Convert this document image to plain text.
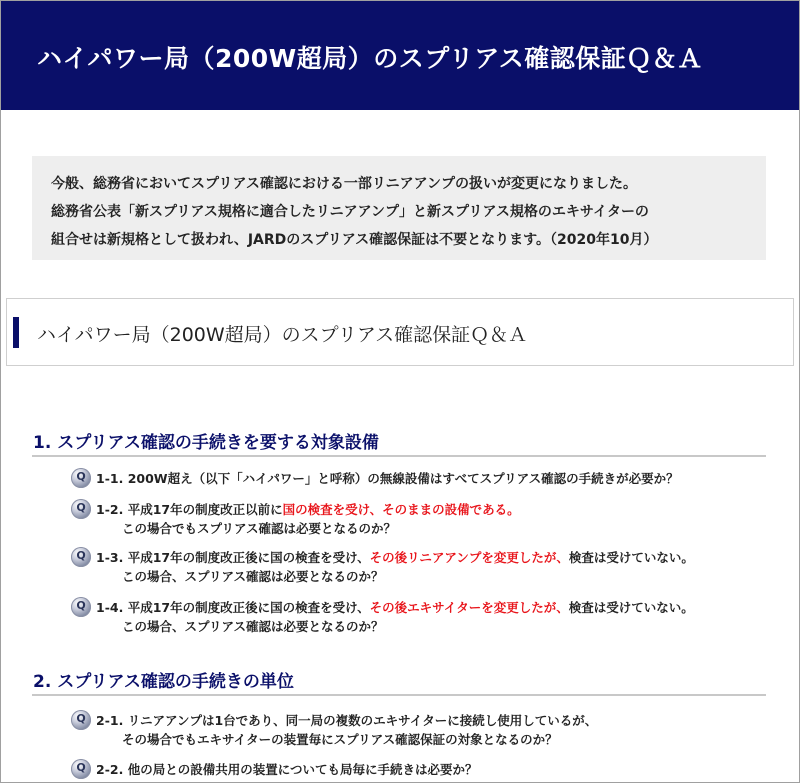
ハイパワー局（200W超局）のスプリアス確認保証Ｑ＆Ａ
今般、総務省においてスプリアス確認における一部リニアアンプの扱いが変更になりました。
総務省公表「新スプリアス規格に適合したリニアアンプ」と新スプリアス規格のエキサイターの
組合せは新規格として扱われ、JARDのスプリアス確認保証は不要となります。（2020年10月）
ハイパワー局（200W超局）のスプリアス確認保証Ｑ＆Ａ
1. スプリアス確認の手続きを要する対象設備
Q 1-1. 200W超え（以下「ハイパワー」と呼称）の無線設備はすべてスプリアス確認の手続きが必要か？
Q 1-2. 平成17年の制度改正以前に国の検査を受け、そのままの設備である。
この場合でもスプリアス確認は必要となるのか？
Q 1-3. 平成17年の制度改正後に国の検査を受け、その後リニアアンプを変更したが、検査は受けていない。
この場合、スプリアス確認は必要となるのか？
Q 1-4. 平成17年の制度改正後に国の検査を受け、その後エキサイターを変更したが、検査は受けていない。
この場合、スプリアス確認は必要となるのか？
2. スプリアス確認の手続きの単位
Q 2-1. リニアアンプは1台であり、同一局の複数のエキサイターに接続し使用しているが、
その場合でもエキサイターの装置毎にスプリアス確認保証の対象となるのか？
Q 2-2. 他の局との設備共用の装置についても局毎に手続きは必要か？
